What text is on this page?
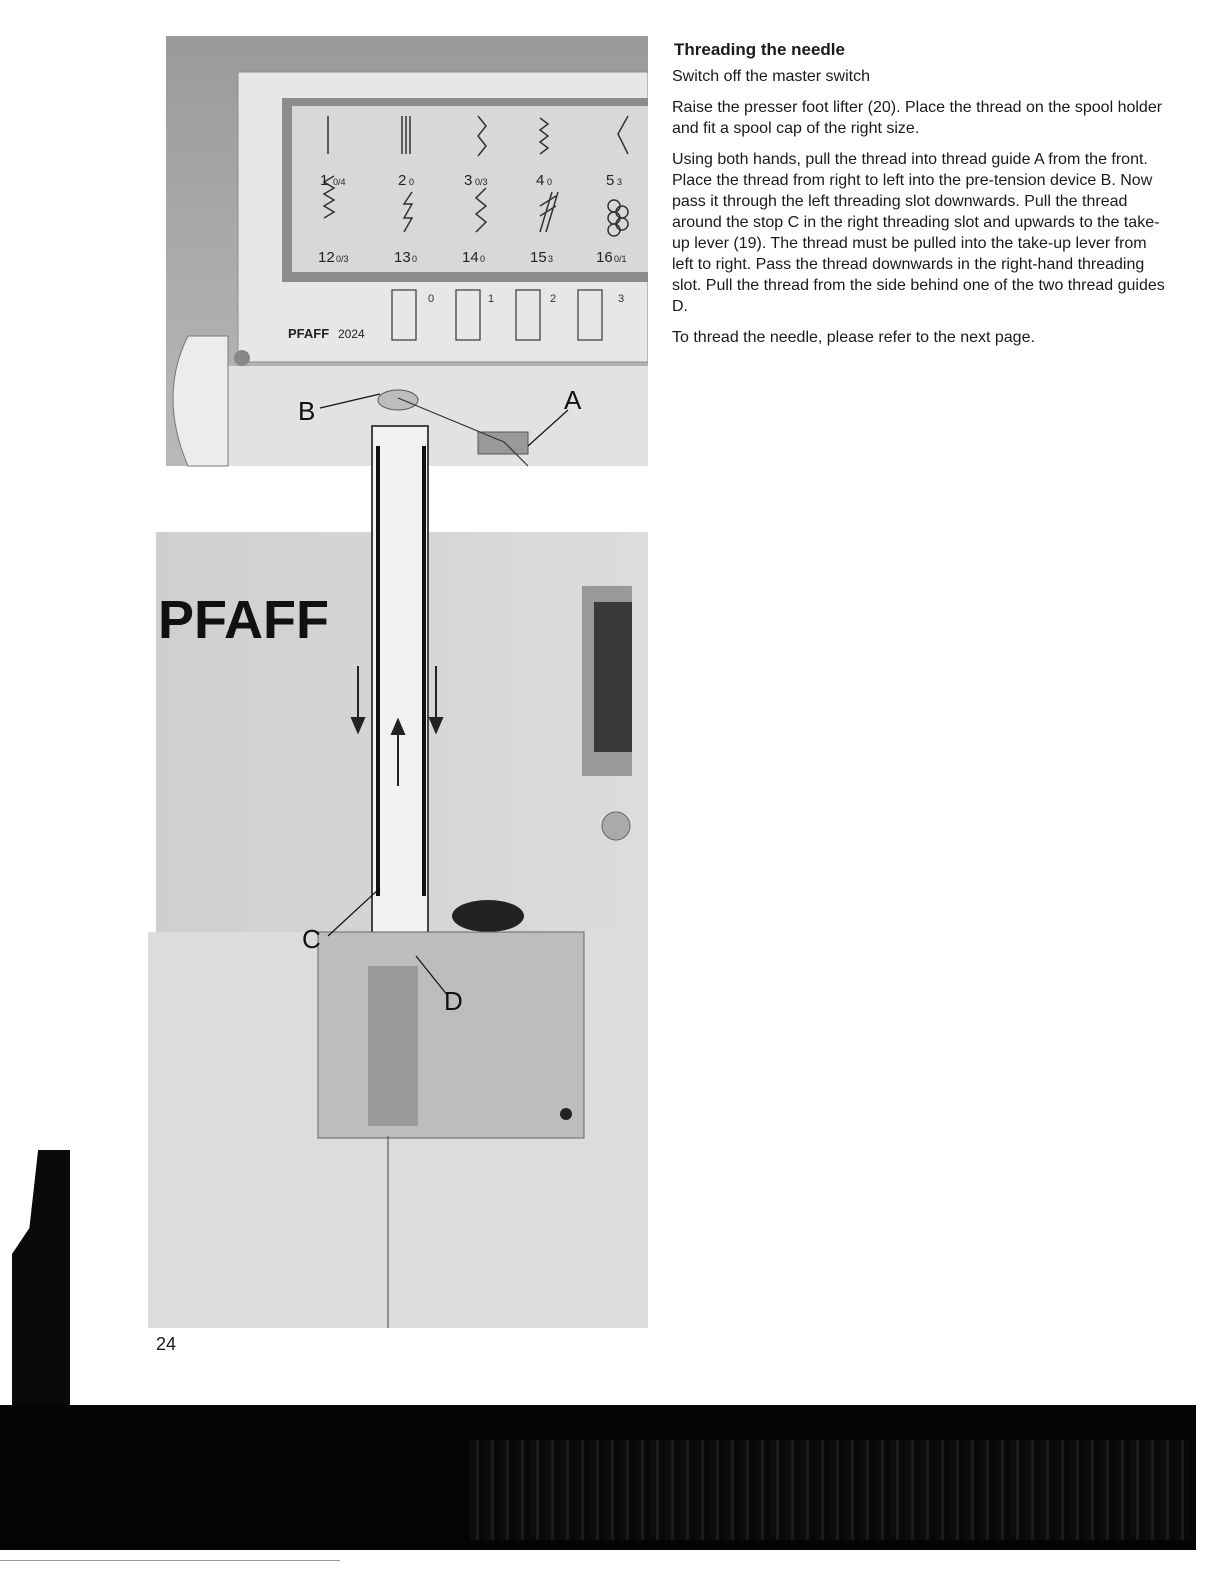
1 0/4	2 0	3 0/3	4 0	5 3
12 0/3	13 0	14 0	15 3	16 0/1
0	1	2	3
PFAFF 2024
PFAFF
B	A
C
D
Threading the needle

Switch off the master switch

Raise the presser foot lifter (20). Place the thread on the spool holder and fit a spool cap of the right size.

Using both hands, pull the thread into thread guide A from the front. Place the thread from right to left into the pre-tension device B. Now pass it through the left threading slot downwards. Pull the thread around the stop C in the right threading slot and upwards to the take-up lever (19). The thread must be pulled into the take-up lever from left to right. Pass the thread downwards in the right-hand threading slot. Pull the thread from the side behind one of the two thread guides D.

To thread the needle, please refer to the next page.

24
